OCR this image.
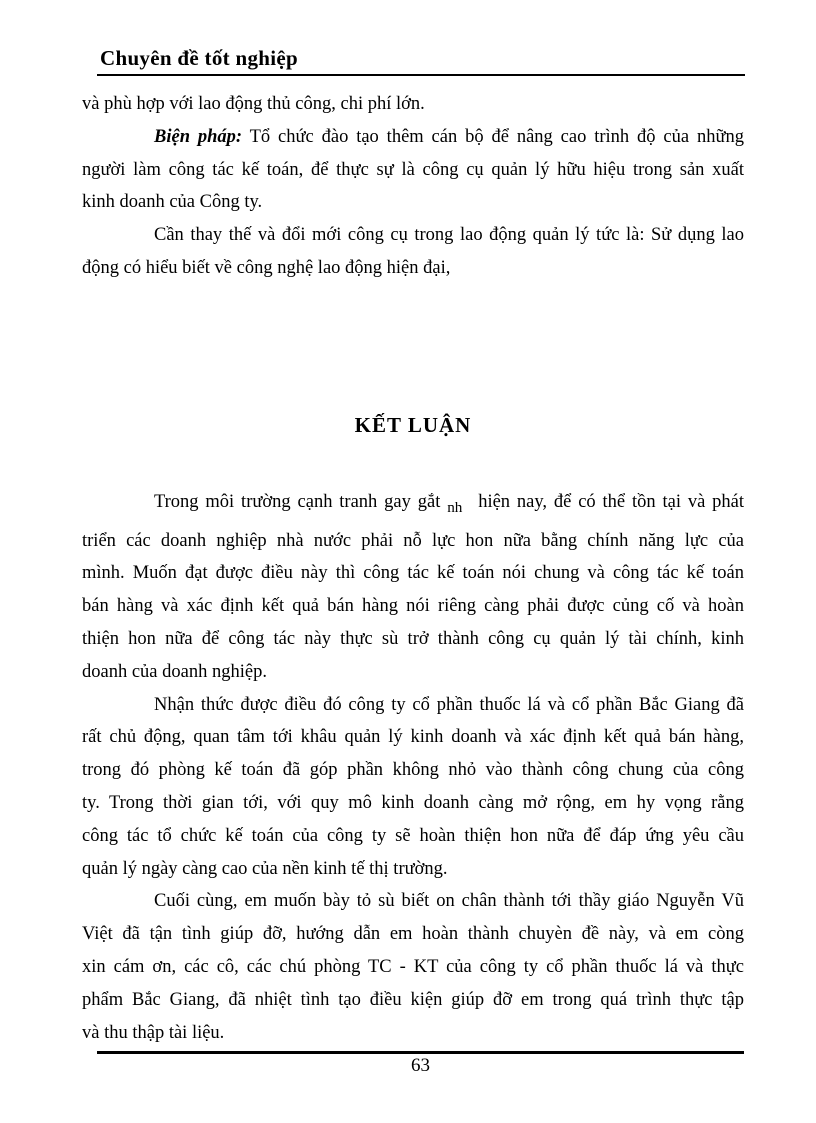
Chuyên đề tốt nghiệp
và phù hợp với lao động thủ công, chi phí lớn.
Biện pháp: Tổ chức đào tạo thêm cán bộ để nâng cao trình độ của những
người làm công tác kế toán, để thực sự là công cụ quản lý hữu hiệu trong sản xuất
kinh doanh của Công ty.
Cần thay thế và đổi mới công cụ trong lao động quản lý tức là: Sử dụng lao
động có hiểu biết về công nghệ lao động hiện đại,
KẾT LUẬN
Trong môi trường cạnh tranh gay gắt $_{nh}$ hiện nay, để có thể tồn tại và phát
triển các doanh nghiệp nhà nước phải nỗ lực hon nữa bằng chính năng lực của
mình. Muốn đạt được điều này thì công tác kế toán nói chung và công tác kế toán
bán hàng và xác định kết quả bán hàng nói riêng càng phải được củng cố và hoàn
thiện hon nữa để công tác này thực sù trở thành công cụ quản lý tài chính, kinh
doanh của doanh nghiệp.
Nhận thức được điều đó công ty cổ phần thuốc lá và cổ phần Bắc Giang đã
rất chủ động, quan tâm tới khâu quản lý kinh doanh và xác định kết quả bán hàng,
trong đó phòng kế toán đã góp phần không nhỏ vào thành công chung của công
ty. Trong thời gian tới, với quy mô kinh doanh càng mở rộng, em hy vọng rằng
công tác tổ chức kế toán của công ty sẽ hoàn thiện hon nữa để đáp ứng yêu cầu
quản lý ngày càng cao của nền kinh tế thị trường.
Cuối cùng, em muốn bày tỏ sù biết on chân thành tới thầy giáo Nguyễn Vũ
Việt đã tận tình giúp đỡ, hướng dẫn em hoàn thành chuyèn đề này, và em còng
xin cám ơn, các cô, các chú phòng TC - KT của công ty cổ phần thuốc lá và thực
phẩm Bắc Giang, đã nhiệt tình tạo điều kiện giúp đỡ em trong quá trình thực tập
và thu thập tài liệu.
63
